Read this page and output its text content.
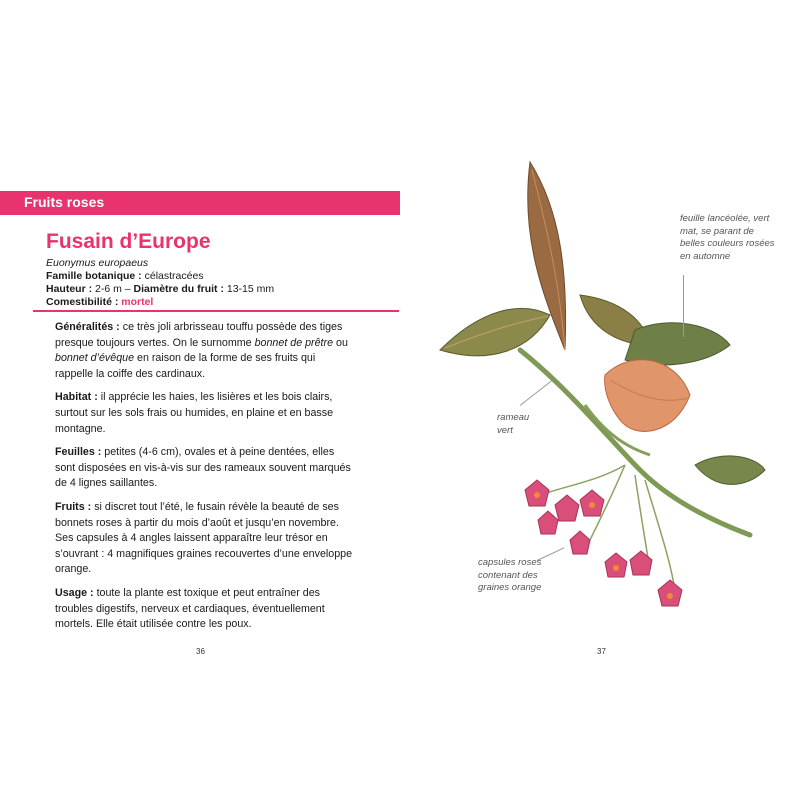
Fruits roses
Fusain d’Europe
Euonymus europaeus
Famille botanique : célastracées
Hauteur : 2-6 m – Diamètre du fruit : 13-15 mm
Comestibilité : mortel

Généralités : ce très joli arbrisseau touffu possède des tiges presque toujours vertes. On le surnomme bonnet de prêtre ou bonnet d’évêque en raison de la forme de ses fruits qui rappelle la coiffe des cardinaux.

Habitat : il apprécie les haies, les lisières et les bois clairs, surtout sur les sols frais ou humides, en plaine et en basse montagne.

Feuilles : petites (4-6 cm), ovales et à peine dentées, elles sont disposées en vis-à-vis sur des rameaux souvent marqués de 4 lignes saillantes.

Fruits : si discret tout l’été, le fusain révèle la beauté de ses bonnets roses à partir du mois d’août et jusqu’en novembre. Ses capsules à 4 angles laissent apparaître leur trésor en s’ouvrant : 4 magnifiques graines recouvertes d’une enveloppe orange.

Usage : toute la plante est toxique et peut entraîner des troubles digestifs, nerveux et cardiaques, éventuellement mortels. Elle était utilisée contre les poux.

36
feuille lancéolée, vert mat, se parant de belles couleurs rosées en automne
rameau vert
capsules roses contenant des graines orange
37
